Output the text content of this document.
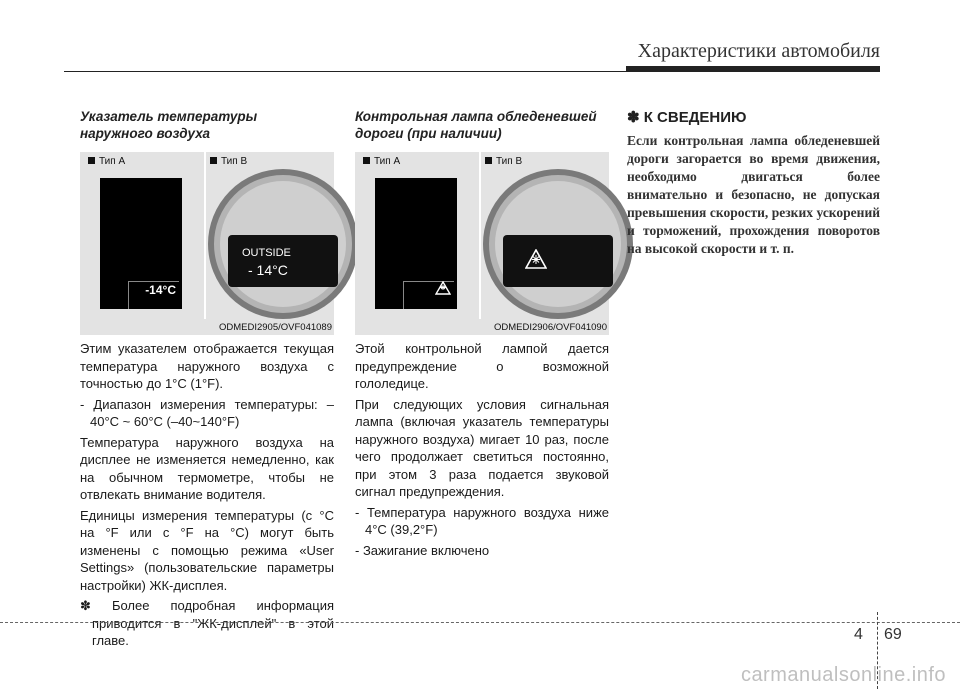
Характеристики автомобиля
Указатель температуры
наружного воздуха
Тип A	Тип B
-14°C
OUTSIDE
- 14°C
ODMEDI2905/OVF041089

Этим указателем отображается текущая температура наружного воздуха с точностью до 1°C (1°F).

- Диапазон измерения температуры: –40°C ~ 60°C (–40~140°F)

Температура наружного воздуха на дисплее не изменяется немедленно, как на обычном термометре, чтобы не отвлекать внимание водителя.

Единицы измерения температуры (с °C на °F или с °F на °C) могут быть изменены с помощью режима «User Settings» (пользовательские параметры настройки) ЖК-дисплея.

✽ Более подробная информация приводится в "ЖК-дисплей" в этой главе.

Контрольная лампа обледеневшей
дороги (при наличии)
Тип A	Тип B
ODMEDI2906/OVF041090

Этой контрольной лампой дается предупреждение о возможной гололедице.

При следующих условия сигнальная лампа (включая указатель температуры наружного воздуха) мигает 10 раз, после чего продолжает светиться постоянно, при этом 3 раза подается звуковой сигнал предупреждения.

- Температура наружного воздуха ниже 4°C (39,2°F)

- Зажигание включено

✽ К СВЕДЕНИЮ
Если контрольная лампа обледеневшей дороги загорается во время движения, необходимо двигаться более внимательно и безопасно, не допуская превышения скорости, резких ускорений и торможений, прохождения поворотов на высокой скорости и т. п.
4 69
carmanualsonline.info
